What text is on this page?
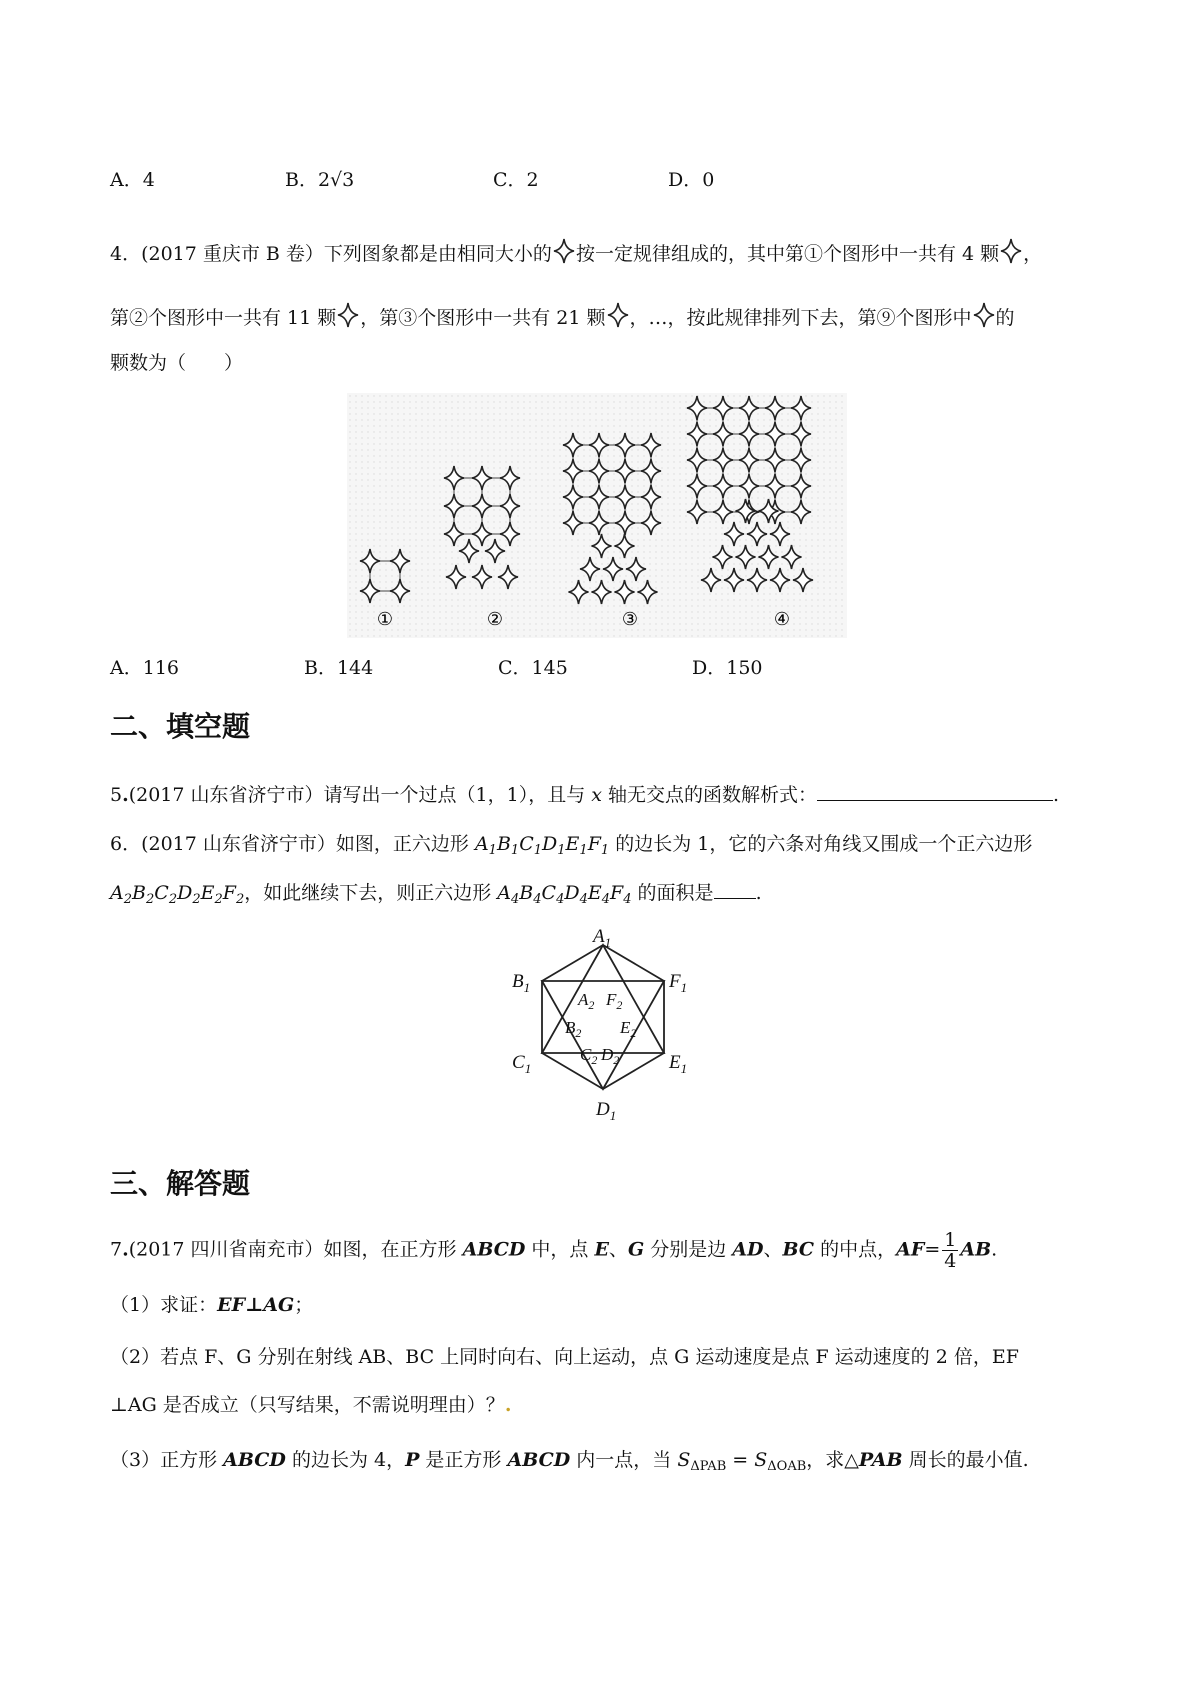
A．4	B．2√3	C．2	D．0
4．(2017 重庆市 B 卷）下列图象都是由相同大小的 按一定规律组成的，其中第①个图形中一共有 4 颗 ，
第②个图形中一共有 11 颗 ，第③个图形中一共有 21 颗 ，…，按此规律排列下去，第⑨个图形中 的
颗数为（　　）
①	②	③	④
A．116	B．144	C．145	D．150
二、填空题
5.(2017 山东省济宁市）请写出一个过点（1，1），且与 x 轴无交点的函数解析式：	.
6．(2017 山东省济宁市）如图，正六边形 $A_1B_1C_1D_1E_1F_1$ 的边长为 1，它的六条对角线又围成一个正六边形
$A_2B_2C_2D_2E_2F_2$，如此继续下去，则正六边形 $A_4B_4C_4D_4E_4F_4$ 的面积是 .
$A_1$
$B_1$	$F_1$
$C_1$	$E_1$
$D_1$
$A_2$ $F_2$
$B_2$ $E_2$
$C_2$ $D_2$
三、解答题
7.(2017 四川省南充市）如图，在正方形 ABCD 中，点 E、G 分别是边 AD、BC 的中点，$AF= \frac{1}{4}$ AB.
（1）求证：EF⊥AG；
（2）若点 F、G 分别在射线 AB、BC 上同时向右、向上运动，点 G 运动速度是点 F 运动速度的 2 倍，EF
⊥AG 是否成立（只写结果，不需说明理由）？.
（3）正方形 ABCD 的边长为 4，P 是正方形 ABCD 内一点，当 $S_{\Delta PAB} = S_{\Delta OAB}$，求△PAB 周长的最小值.
